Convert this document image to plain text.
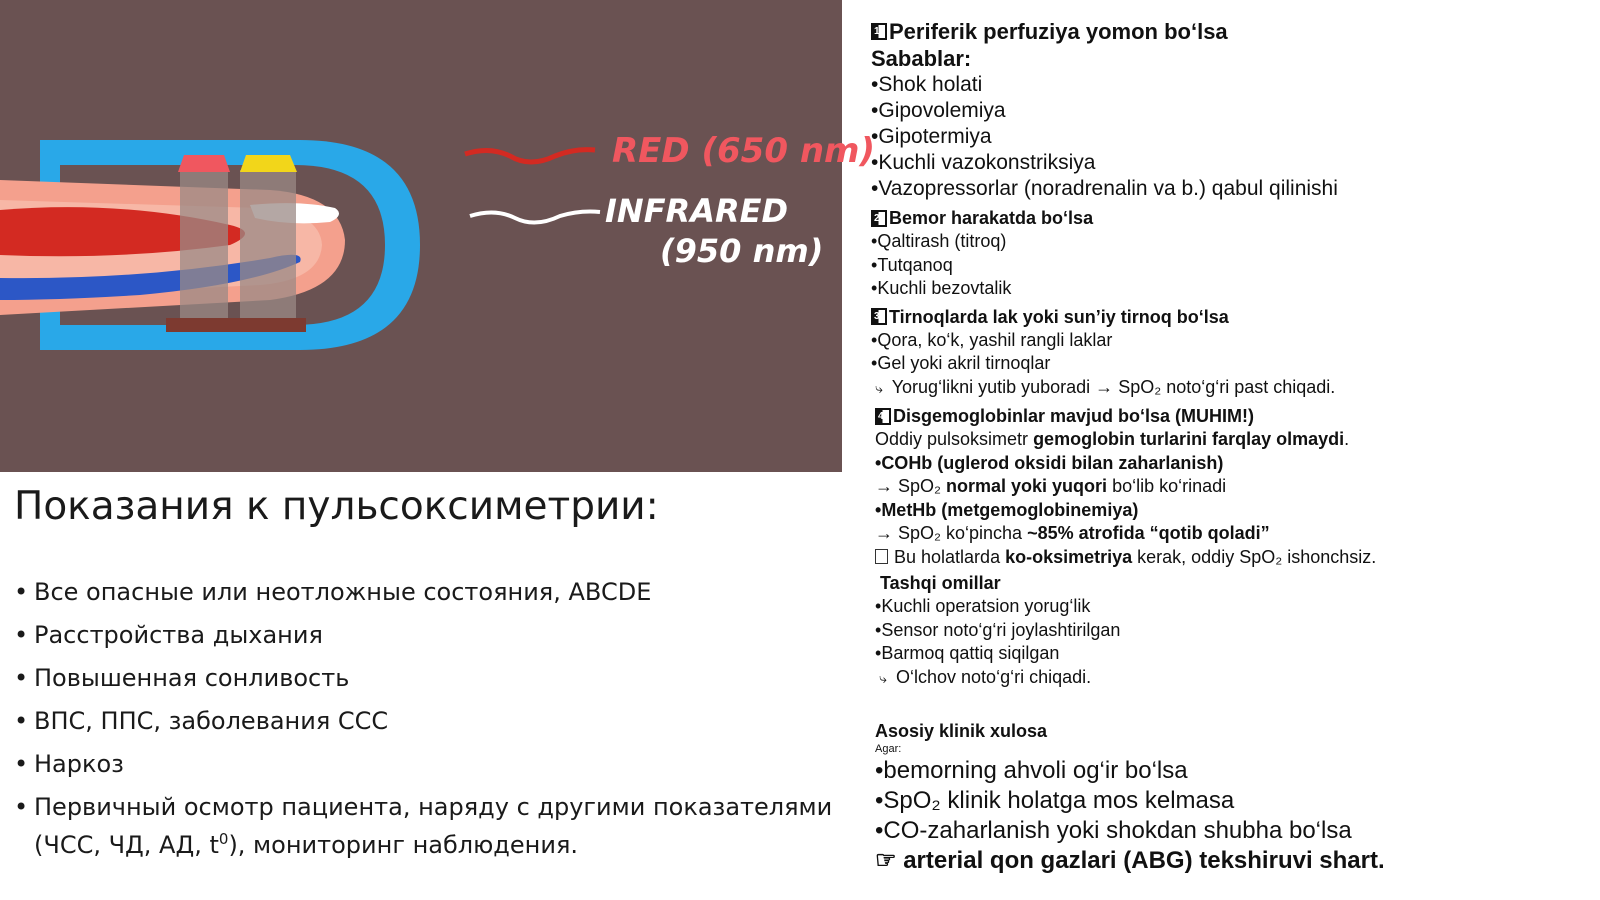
RED (650 nm)
INFRARED
(950 nm)
Показания к пульсоксиметрии:
• Все опасные или неотложные состояния, ABCDE
• Расстройства дыхания
• Повышенная сонливость
• ВПС, ППС, заболевания ССС
• Наркоз
• Первичный осмотр пациента, наряду с другими показателями (ЧСС, ЧД, АД, $t^0$), мониторинг наблюдения.

1 Periferik perfuziya yomon bo‘lsa

Sabablar:

• Shok holati

• Gipovolemiya

• Gipotermiya

• Kuchli vazokonstriksiya

• Vazopressorlar (noradrenalin va b.) qabul qilinishi

2 Bemor harakatda bo‘lsa

• Qaltirash (titroq)

• Tutqanoq

• Kuchli bezovtalik

3 Tirnoqlarda lak yoki sun’iy tirnoq bo‘lsa

• Qora, ko‘k, yashil rangli laklar

• Gel yoki akril tirnoqlar

⤷ Yorug‘likni yutib yuboradi → SpO₂ noto‘g‘ri past chiqadi.

4 Disgemoglobinlar mavjud bo‘lsa (MUHIM!)

Oddiy pulsoksimetr gemoglobin turlarini farqlay olmaydi.

• COHb (uglerod oksidi bilan zaharlanish)

→ SpO₂ normal yoki yuqori bo‘lib ko‘rinadi

• MetHb (metgemoglobinemiya)

→ SpO₂ ko‘pincha ~85% atrofida “qotib qoladi”

Bu holatlarda ko-oksimetriya kerak, oddiy SpO₂ ishonchsiz.

Tashqi omillar

• Kuchli operatsion yorug‘lik

• Sensor noto‘g‘ri joylashtirilgan

• Barmoq qattiq siqilgan

⤷ O‘lchov noto‘g‘ri chiqadi.

Asosiy klinik xulosa

Agar:

• bemorning ahvoli og‘ir bo‘lsa

• SpO₂ klinik holatga mos kelmasa

• CO-zaharlanish yoki shokdan shubha bo‘lsa

☞ arterial qon gazlari (ABG) tekshiruvi shart.
